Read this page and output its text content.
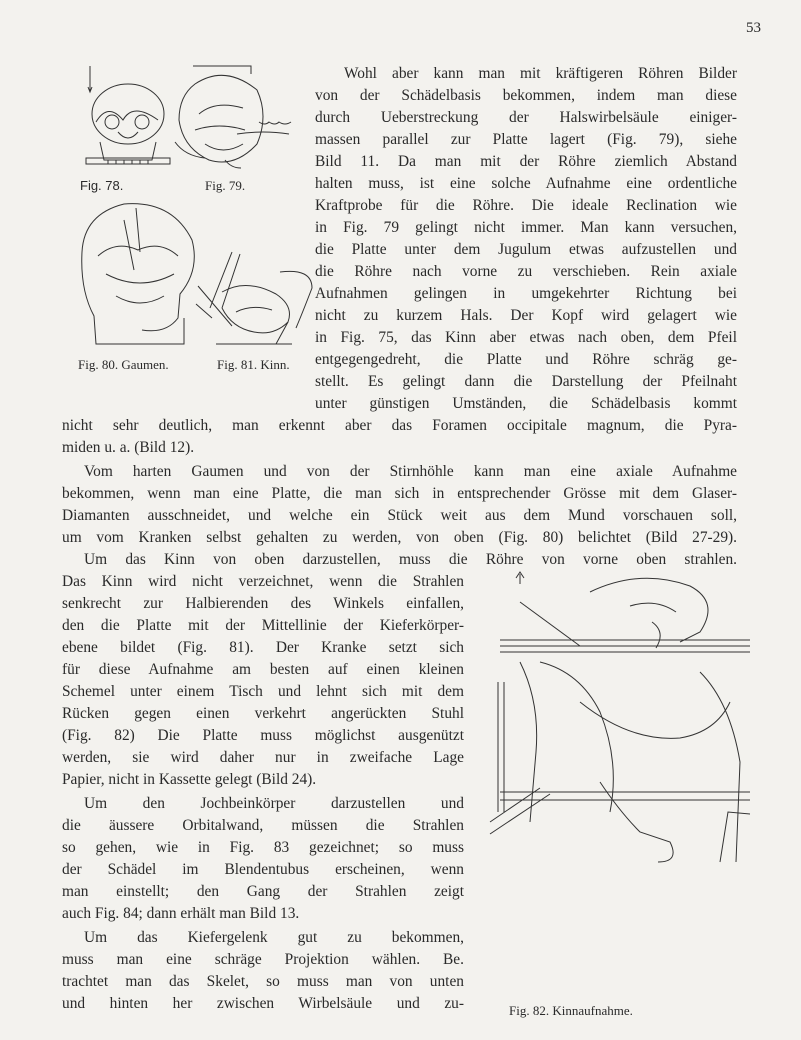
53
Fig. 78.	Fig. 79.
Fig. 80. Gaumen.	Fig. 81. Kinn.
Fig. 82. Kinnaufnahme.
Wohl aber kann man mit kräftigeren Röhren Bilder
von der Schädelbasis bekommen, indem man diese
durch Ueberstreckung der Halswirbelsäule einiger-
massen parallel zur Platte lagert (Fig. 79), siehe
Bild 11. Da man mit der Röhre ziemlich Abstand
halten muss, ist eine solche Aufnahme eine ordentliche
Kraftprobe für die Röhre. Die ideale Reclination wie
in Fig. 79 gelingt nicht immer. Man kann versuchen,
die Platte unter dem Jugulum etwas aufzustellen und
die Röhre nach vorne zu verschieben. Rein axiale
Aufnahmen gelingen in umgekehrter Richtung bei
nicht zu kurzem Hals. Der Kopf wird gelagert wie
in Fig. 75, das Kinn aber etwas nach oben, dem Pfeil
entgegengedreht, die Platte und Röhre schräg ge-
stellt. Es gelingt dann die Darstellung der Pfeilnaht
unter günstigen Umständen, die Schädelbasis kommt
nicht sehr deutlich, man erkennt aber das Foramen occipitale magnum, die Pyra-
miden u. a. (Bild 12).
Vom harten Gaumen und von der Stirnhöhle kann man eine axiale Aufnahme
bekommen, wenn man eine Platte, die man sich in entsprechender Grösse mit dem Glaser-
Diamanten ausschneidet, und welche ein Stück weit aus dem Mund vorschauen soll,
um vom Kranken selbst gehalten zu werden, von oben (Fig. 80) belichtet (Bild 27-29).
Um das Kinn von oben darzustellen, muss die Röhre von vorne oben strahlen.
Das Kinn wird nicht verzeichnet, wenn die Strahlen
senkrecht zur Halbierenden des Winkels einfallen,
den die Platte mit der Mittellinie der Kieferkörper-
ebene bildet (Fig. 81). Der Kranke setzt sich
für diese Aufnahme am besten auf einen kleinen
Schemel unter einem Tisch und lehnt sich mit dem
Rücken gegen einen verkehrt angerückten Stuhl
(Fig. 82) Die Platte muss möglichst ausgenützt
werden, sie wird daher nur in zweifache Lage
Papier, nicht in Kassette gelegt (Bild 24).
Um den Jochbeinkörper darzustellen und
die äussere Orbitalwand, müssen die Strahlen
so gehen, wie in Fig. 83 gezeichnet; so muss
der Schädel im Blendentubus erscheinen, wenn
man einstellt; den Gang der Strahlen zeigt
auch Fig. 84; dann erhält man Bild 13.
Um das Kiefergelenk gut zu bekommen,
muss man eine schräge Projektion wählen. Be.
trachtet man das Skelet, so muss man von unten
und hinten her zwischen Wirbelsäule und zu-
